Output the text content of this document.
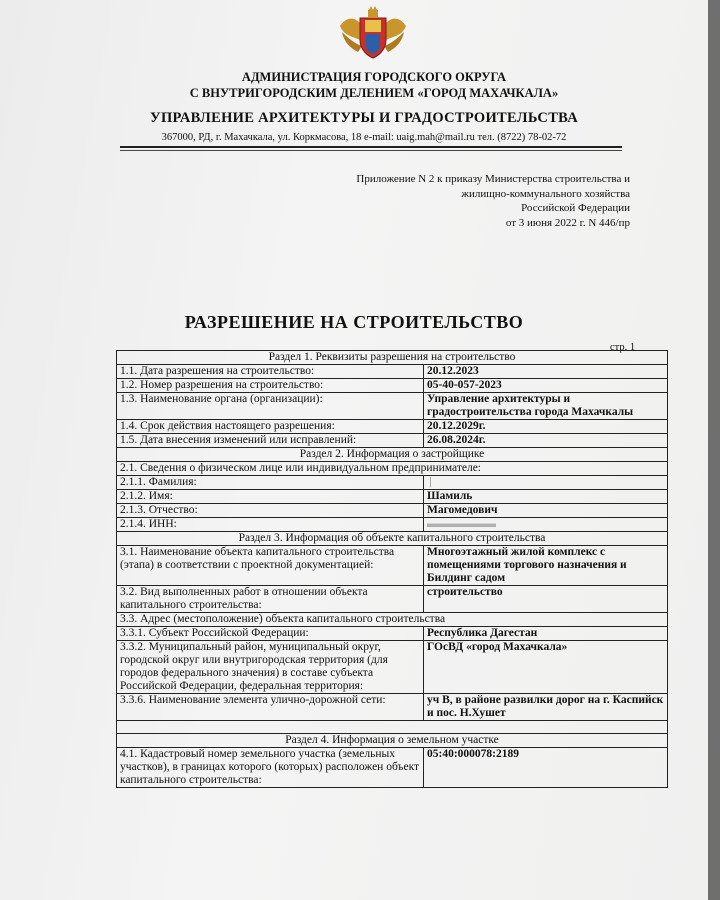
АДМИНИСТРАЦИЯ ГОРОДСКОГО ОКРУГА
С ВНУТРИГОРОДСКИМ ДЕЛЕНИЕМ «ГОРОД МАХАЧКАЛА»
УПРАВЛЕНИЕ АРХИТЕКТУРЫ И ГРАДОСТРОИТЕЛЬСТВА
367000, РД, г. Махачкала, ул. Коркмасова, 18 e-mail: uaig.mah@mail.ru тел. (8722) 78-02-72
Приложение N 2 к приказу Министерства строительства и
жилищно-коммунального хозяйства
Российской Федерации
от 3 июня 2022 г. N 446/пр
РАЗРЕШЕНИЕ НА СТРОИТЕЛЬСТВО
стр. 1
Раздел 1. Реквизиты разрешения на строительство	
1.1. Дата разрешения на строительство:	20.12.2023
1.2. Номер разрешения на строительство:	05-40-057-2023
1.3. Наименование органа (организации):	Управление архитектуры и градостроительства города Махачкалы
1.4. Срок действия настоящего разрешения:	20.12.2029г.
1.5. Дата внесения изменений или исправлений:	26.08.2024г.
Раздел 2. Информация о застройщике	
2.1. Сведения о физическом лице или индивидуальном предпринимателе:	
2.1.1. Фамилия:	 |
2.1.2. Имя:	Шамиль
2.1.3. Отчество:	Магомедович
2.1.4. ИНН:	▬▬▬▬▬▬
Раздел 3. Информация об объекте капитального строительства	
3.1. Наименование объекта капитального строительства (этапа) в соответствии с проектной документацией:	Многоэтажный жилой комплекс с помещениями торгового назначения и Билдинг садом
3.2. Вид выполненных работ в отношении объекта капитального строительства:	строительство
3.3. Адрес (местоположение) объекта капитального строительства	
3.3.1. Субъект Российской Федерации:	Республика Дагестан
3.3.2. Муниципальный район, муниципальный округ, городской округ или внутригородская территория (для городов федерального значения) в составе субъекта Российской Федерации, федеральная территория:	ГОсВД «город Махачкала»
3.3.6. Наименование элемента улично-дорожной сети:	уч В, в районе развилки дорог на г. Каспийск и пос. Н.Хушет

Раздел 4. Информация о земельном участке	
4.1. Кадастровый номер земельного участка (земельных участков), в границах которого (которых) расположен объект капитального строительства:	05:40:000078:2189
